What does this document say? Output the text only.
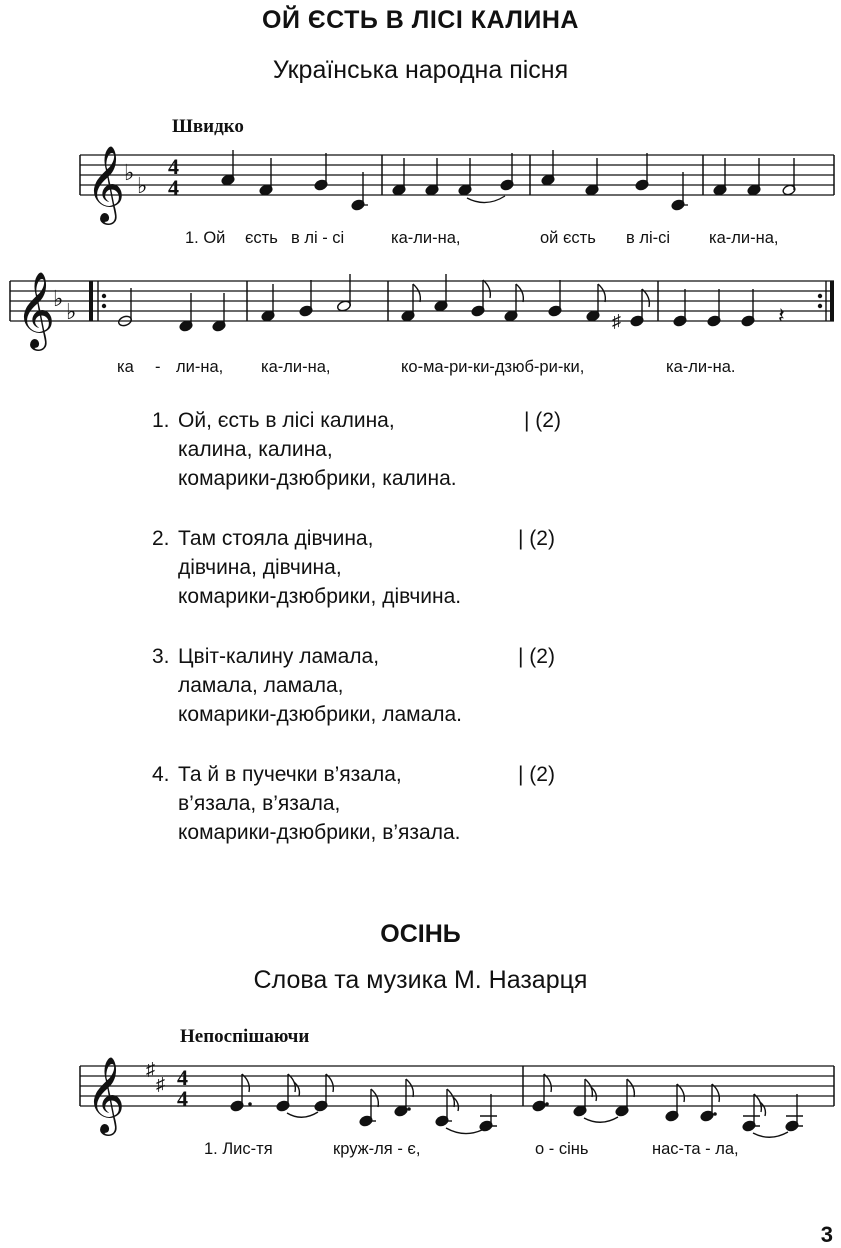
ОЙ ЄСТЬ В ЛІСІ КАЛИНА
Українська народна пісня
Швидко
𝄞
♭
♭
4
4
𝄞
♭
♭	♯	𝄽
𝄞 ♯
♯ 4
4
1. Ой єсть в лі - сі	ка-ли-на,	ой єсть в лі-сі ка-ли-на,
ка - ли-на, ка-ли-на,	ко-ма-ри-ки-дзюб-ри-ки,	ка-ли-на.
1. Ой, єсть в лісі калина,
калина, калина,
комарики-дзюбрики, калина.
| (2)
2. Там стояла дівчина,
дівчина, дівчина,
комарики-дзюбрики, дівчина.
| (2)
3. Цвіт-калину ламала,
ламала, ламала,
комарики-дзюбрики, ламала.
| (2)
4. Та й в пучечки в’язала,
в’язала, в’язала,
комарики-дзюбрики, в’язала.
| (2)
ОСІНЬ
Слова та музика М. Назарця
Непоспішаючи
1. Лис-тя	круж-ля - є,	о - сінь	нас-та - ла,
3
